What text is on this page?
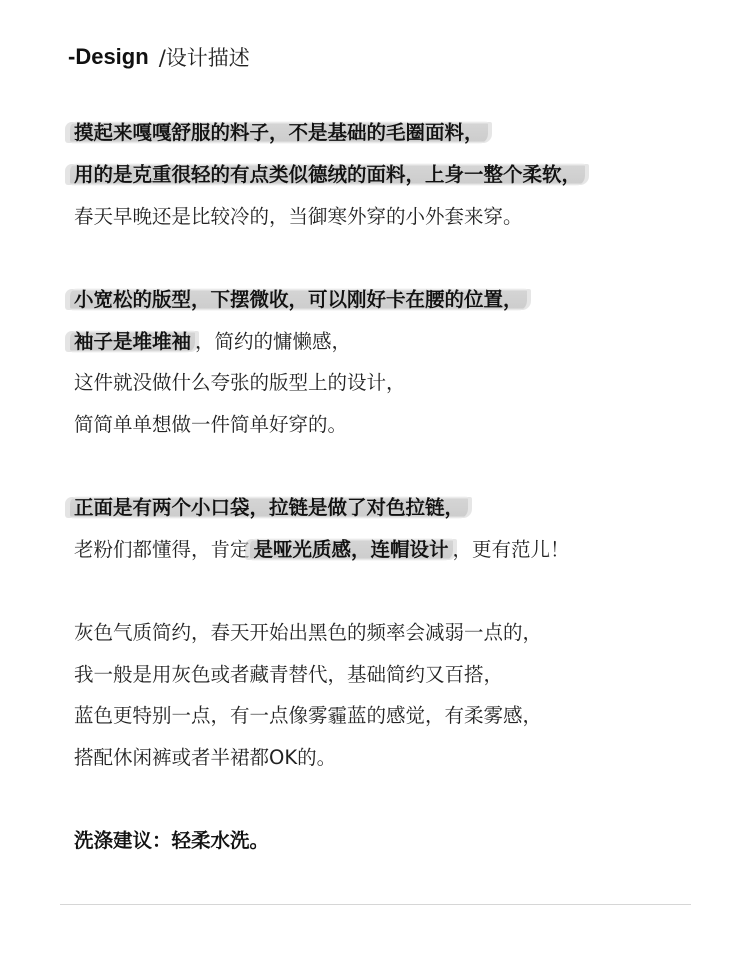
-Design /设计描述
摸起来嘎嘎舒服的料子，不是基础的毛圈面料，
用的是克重很轻的有点类似德绒的面料，上身一整个柔软，
春天早晚还是比较冷的，当御寒外穿的小外套来穿。
小宽松的版型，下摆微收，可以刚好卡在腰的位置，
袖子是堆堆袖 ，简约的慵懒感，
这件就没做什么夸张的版型上的设计，
简简单单想做一件简单好穿的。
正面是有两个小口袋，拉链是做了对色拉链，
老粉们都懂得，肯定 是哑光质感，连帽设计 ，更有范儿！
灰色气质简约，春天开始出黑色的频率会减弱一点的，
我一般是用灰色或者藏青替代，基础简约又百搭，
蓝色更特别一点，有一点像雾霾蓝的感觉，有柔雾感，
搭配休闲裤或者半裙都OK的。
洗涤建议：轻柔水洗。
